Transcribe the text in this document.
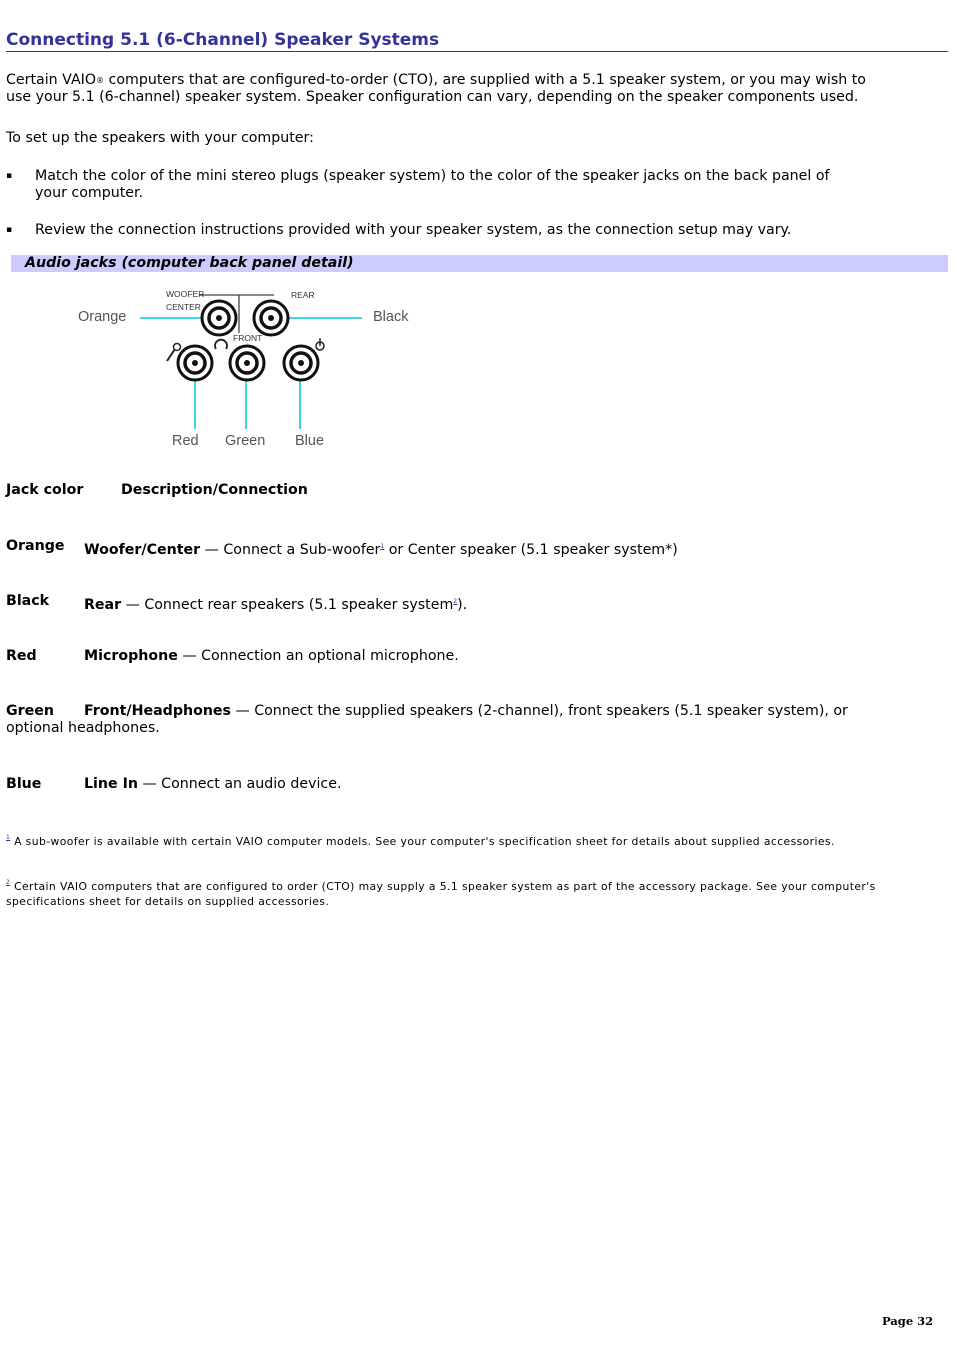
Connecting 5.1 (6-Channel) Speaker Systems
Certain VAIO® computers that are configured-to-order (CTO), are supplied with a 5.1 speaker system, or you may wish to
use your 5.1 (6-channel) speaker system. Speaker configuration can vary, depending on the speaker components used.
To set up the speakers with your computer:
▪ Match the color of the mini stereo plugs (speaker system) to the color of the speaker jacks on the back panel of
your computer.
▪ Review the connection instructions provided with your speaker system, as the connection setup may vary.
Audio jacks (computer back panel detail)
Orange	Black
Red Green Blue
WOOFER
CENTER
REAR
FRONT
Jack color	Description/Connection
Orange Woofer/Center — Connect a Sub-woofer$^1$ or Center speaker (5.1 speaker system*)
Black Rear — Connect rear speakers (5.1 speaker system$^2$).
Red	Microphone — Connection an optional microphone.
Green Front/Headphones — Connect the supplied speakers (2-channel), front speakers (5.1 speaker system), or
optional headphones.
Blue	Line In — Connect an audio device.
$^1$ A sub-woofer is available with certain VAIO computer models. See your computer's specification sheet for details about supplied accessories.
$^2$ Certain VAIO computers that are configured to order (CTO) may supply a 5.1 speaker system as part of the accessory package. See your computer's
specifications sheet for details on supplied accessories.
Page 32
